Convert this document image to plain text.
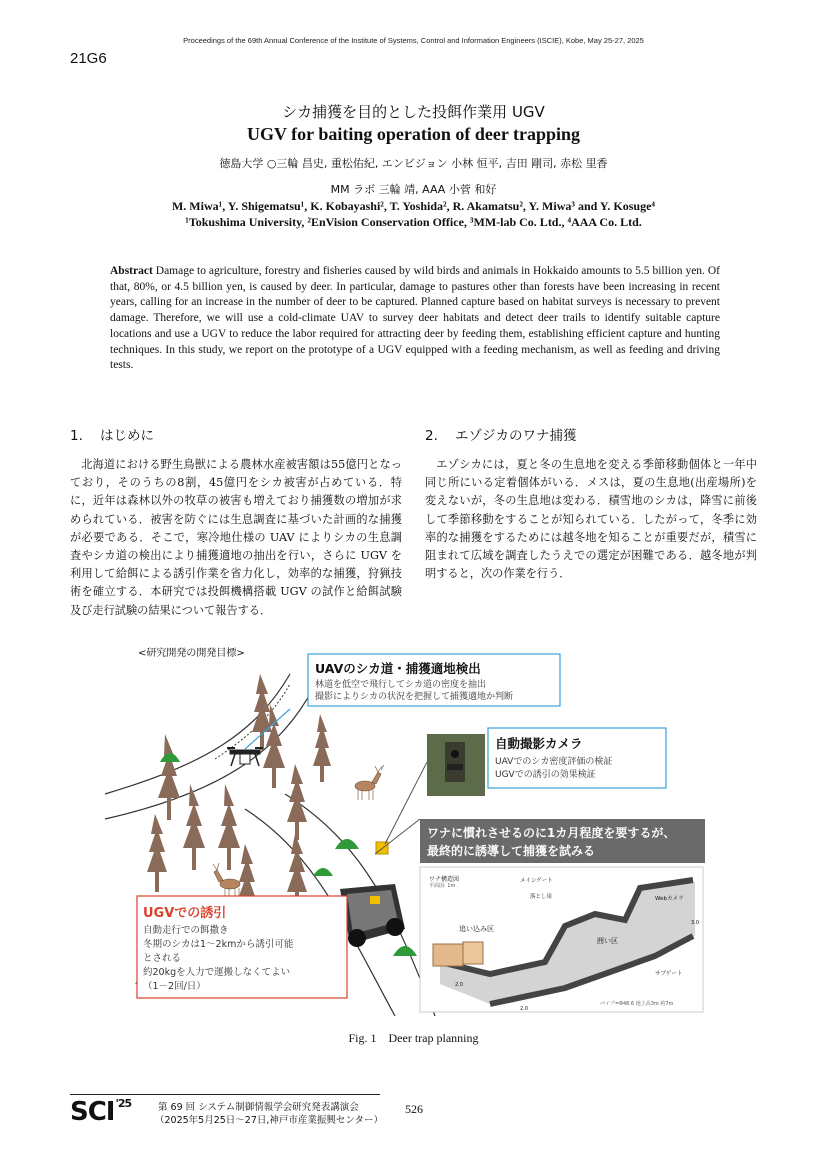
Proceedings of the 69th Annual Conference of the Institute of Systems, Control and Information Engineers (ISCIE), Kobe, May 25-27, 2025
21G6
シカ捕獲を目的とした投餌作業用 UGV
UGV for baiting operation of deer trapping
徳島大学 ○三輪 昌史, 重松佑紀, エンビジョン 小林 恒平, 吉田 剛司, 赤松 里香
MM ラボ 三輪 靖, AAA 小菅 和好
M. Miwa¹, Y. Shigematsu¹, K. Kobayashi², T. Yoshida², R. Akamatsu², Y. Miwa³ and Y. Kosuge⁴
¹Tokushima University, ²EnVision Conservation Office, ³MM-lab Co. Ltd., ⁴AAA Co. Ltd.
Abstract Damage to agriculture, forestry and fisheries caused by wild birds and animals in Hokkaido amounts to 5.5 billion yen. Of that, 80%, or 4.5 billion yen, is caused by deer. In particular, damage to pastures other than forests have been increasing in recent years, calling for an increase in the number of deer to be captured. Planned capture based on habitat surveys is necessary to prevent damage. Therefore, we will use a cold-climate UAV to survey deer habitats and detect deer trails to identify suitable capture locations and use a UGV to reduce the labor required for attracting deer by feeding them, establishing efficient capture and hunting techniques. In this study, we report on the prototype of a UGV equipped with a feeding mechanism, as well as feeding and driving tests.
1. はじめに
北海道における野生鳥獣による農林水産被害額は55億円となっており，そのうちの8割，45億円をシカ被害が占めている．特に，近年は森林以外の牧草の被害も増えており捕獲数の増加が求められている．被害を防ぐには生息調査に基づいた計画的な捕獲が必要である．そこで，寒冷地仕様の UAV によりシカの生息調査やシカ道の検出により捕獲適地の抽出を行い，さらに UGV を利用して給餌による誘引作業を省力化し，効率的な捕獲，狩猟技術を確立する．本研究では投餌機構搭載 UGV の試作と給餌試験及び走行試験の結果について報告する．
2. エゾジカのワナ捕獲
エゾシカには，夏と冬の生息地を変える季節移動個体と一年中同じ所にいる定着個体がいる．メスは，夏の生息地(出産場所)を変えないが，冬の生息地は変わる．積雪地のシカは，降雪に前後して季節移動をすることが知られている．したがって，冬季に効率的な捕獲をするためには越冬地を知ることが重要だが，積雪に阻まれて広域を調査したうえでの選定が困難である．越冬地が判明すると，次の作業を行う．
<研究開発の開発目標>
UAVのシカ道・捕獲適地検出
林道を低空で飛行してシカ道の密度を抽出
撮影によりシカの状況を把握して捕獲適地か判断
自動撮影カメラ
UAVでのシカ密度評価の検証
UGVでの誘引の効果検証
ワナに慣れさせるのに1カ月程度を要するが、
最終的に誘導して捕獲を試みる
ワナ構造図
平面図: 1m
メインゲート
落とし扉	Webカメラ
追い込み区
囲い区
サブゲート
3.0
2.0
2.0
パイプ=Φ48.6 地上高3m 約7m
UGVでの誘引
自動走行での餌撒き
冬期のシカは1～2kmから誘引可能
とされる
約20kgを人力で運搬しなくてよい
（1－2回/日）
Fig. 1    Deer trap planning
$SCI^{'25}$	第 69 回 システム制御情報学会研究発表講演会
（2025年5月25日～27日,神戸市産業振興センター）
526
